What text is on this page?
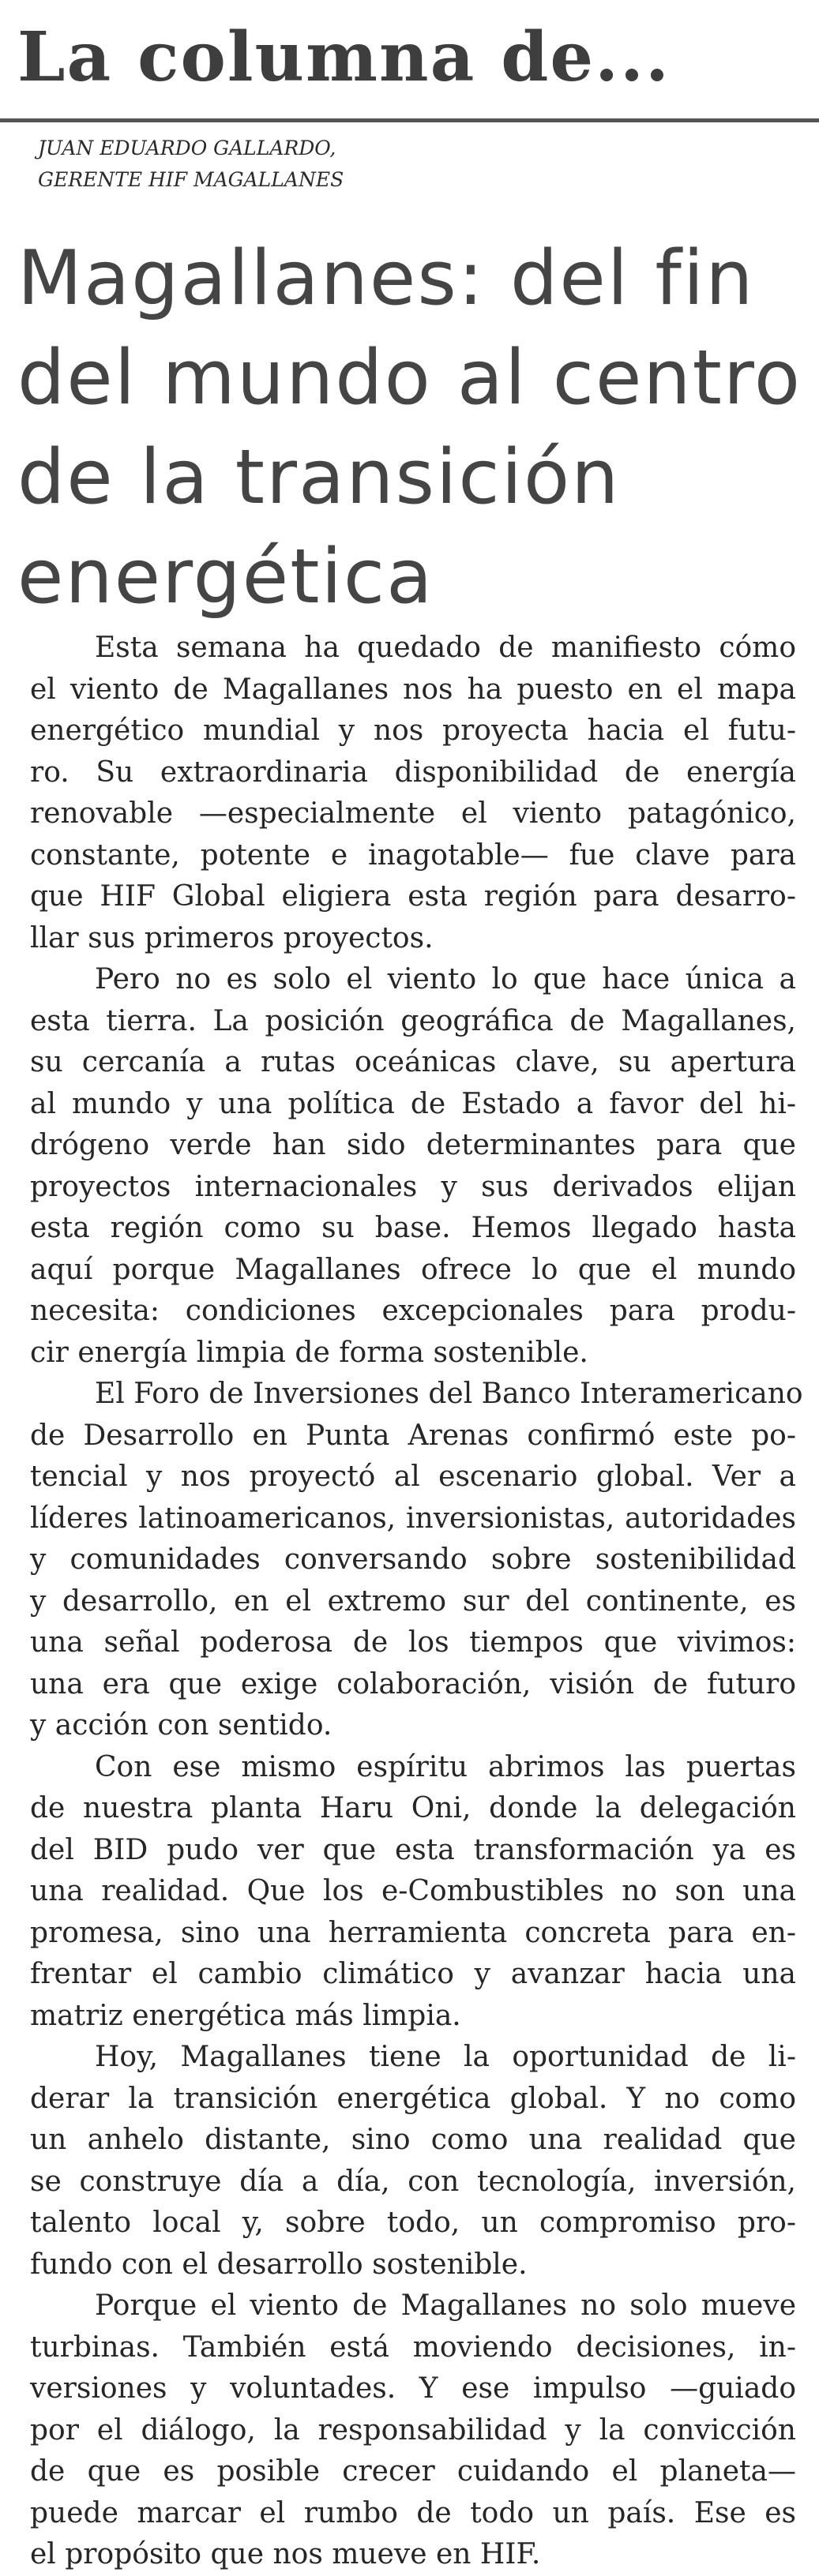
La columna de...
JUAN EDUARDO GALLARDO,
GERENTE HIF MAGALLANES
Magallanes: del fin
del mundo al centro
de la transición
energética
Esta semana ha quedado de manifiesto cómo
el viento de Magallanes nos ha puesto en el mapa
energético mundial y nos proyecta hacia el futu-
ro. Su extraordinaria disponibilidad de energía
renovable —especialmente el viento patagónico,
constante, potente e inagotable— fue clave para
que HIF Global eligiera esta región para desarro-
llar sus primeros proyectos.
Pero no es solo el viento lo que hace única a
esta tierra. La posición geográfica de Magallanes,
su cercanía a rutas oceánicas clave, su apertura
al mundo y una política de Estado a favor del hi-
drógeno verde han sido determinantes para que
proyectos internacionales y sus derivados elijan
esta región como su base. Hemos llegado hasta
aquí porque Magallanes ofrece lo que el mundo
necesita: condiciones excepcionales para produ-
cir energía limpia de forma sostenible.
El Foro de Inversiones del Banco Interamericano
de Desarrollo en Punta Arenas confirmó este po-
tencial y nos proyectó al escenario global. Ver a
líderes latinoamericanos, inversionistas, autoridades
y comunidades conversando sobre sostenibilidad
y desarrollo, en el extremo sur del continente, es
una señal poderosa de los tiempos que vivimos:
una era que exige colaboración, visión de futuro
y acción con sentido.
Con ese mismo espíritu abrimos las puertas
de nuestra planta Haru Oni, donde la delegación
del BID pudo ver que esta transformación ya es
una realidad. Que los e-Combustibles no son una
promesa, sino una herramienta concreta para en-
frentar el cambio climático y avanzar hacia una
matriz energética más limpia.
Hoy, Magallanes tiene la oportunidad de li-
derar la transición energética global. Y no como
un anhelo distante, sino como una realidad que
se construye día a día, con tecnología, inversión,
talento local y, sobre todo, un compromiso pro-
fundo con el desarrollo sostenible.
Porque el viento de Magallanes no solo mueve
turbinas. También está moviendo decisiones, in-
versiones y voluntades. Y ese impulso —guiado
por el diálogo, la responsabilidad y la convicción
de que es posible crecer cuidando el planeta—
puede marcar el rumbo de todo un país. Ese es
el propósito que nos mueve en HIF.
